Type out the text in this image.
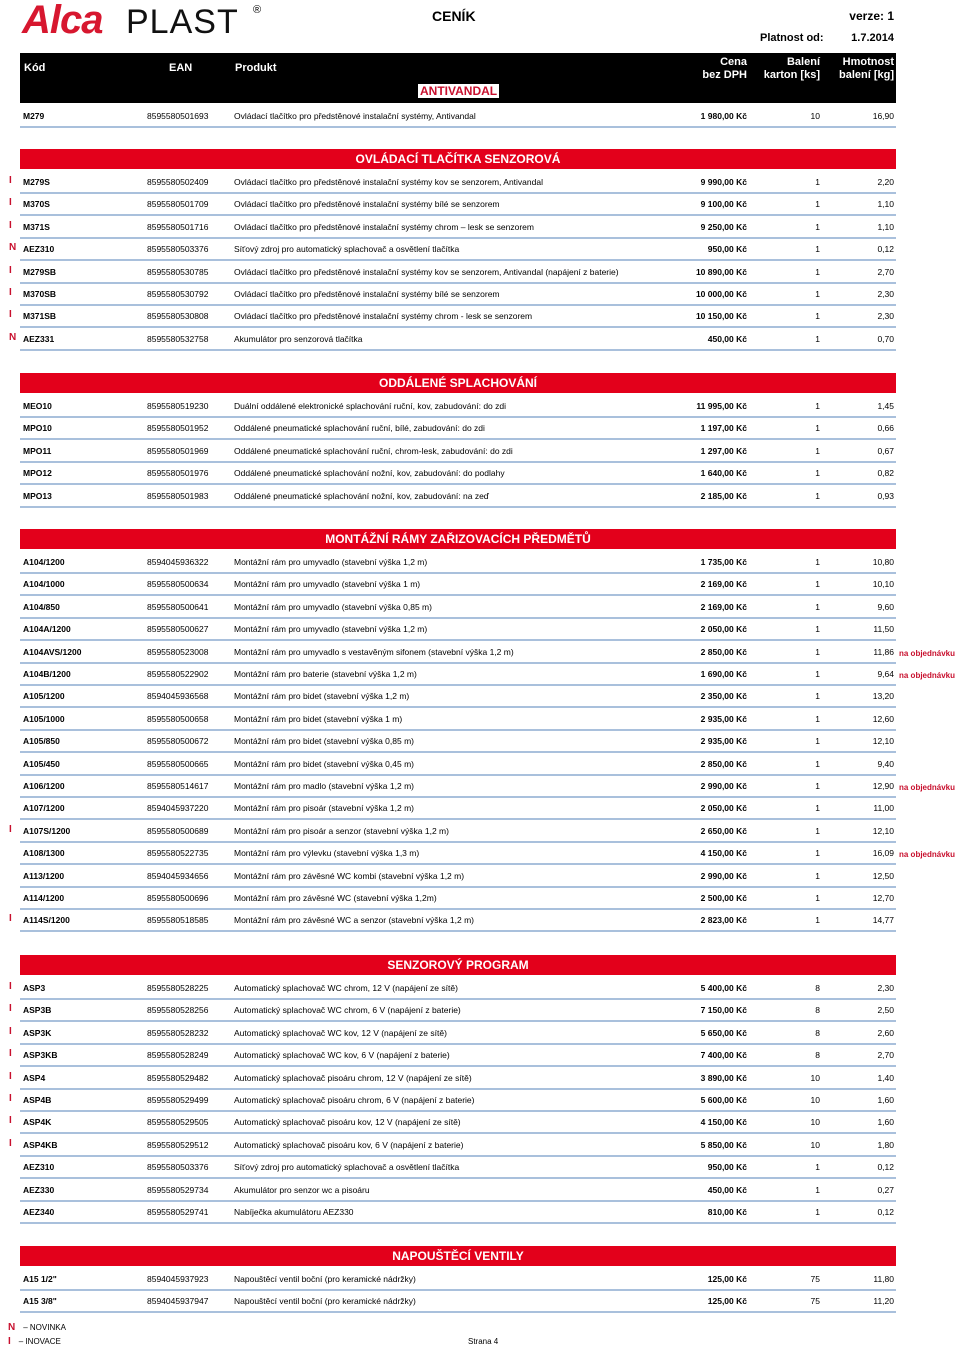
Alca PLAST ®	CENÍK	verze: 1
Platnost od:	1.7.2014
Kód	EAN	Produkt	Cena
bez DPH
Balení
karton [ks]
Hmotnost
balení [kg]
ANTIVANDAL
M279	8595580501693	Ovládací tlačítko pro předstěnové instalační systémy, Antivandal	1 980,00 Kč	10	16,90
OVLÁDACÍ TLAČÍTKA SENZOROVÁ
M279S	8595580502409	Ovládací tlačítko pro předstěnové instalační systémy kov se senzorem, Antivandal	9 990,00 Kč	1	2,20
I
M370S	8595580501709	Ovládací tlačítko pro předstěnové instalační systémy bílé se senzorem	9 100,00 Kč	1	1,10
I
M371S	8595580501716	Ovládací tlačítko pro předstěnové instalační systémy chrom – lesk se senzorem	9 250,00 Kč	1	1,10
I
AEZ310	8595580503376	Síťový zdroj pro automatický splachovač a osvětlení tlačítka	950,00 Kč	1	0,12
N
M279SB	8595580530785	Ovládací tlačítko pro předstěnové instalační systémy kov se senzorem, Antivandal (napájení z baterie)	10 890,00 Kč	1	2,70
I
M370SB	8595580530792	Ovládací tlačítko pro předstěnové instalační systémy bílé se senzorem	10 000,00 Kč	1	2,30
I
M371SB	8595580530808	Ovládací tlačítko pro předstěnové instalační systémy chrom - lesk se senzorem	10 150,00 Kč	1	2,30
I
AEZ331	8595580532758	Akumulátor pro senzorová tlačítka	450,00 Kč	1	0,70
N
ODDÁLENÉ SPLACHOVÁNÍ
MEO10	8595580519230	Duální oddálené elektronické splachování ruční, kov, zabudování: do zdi	11 995,00 Kč	1	1,45
MPO10	8595580501952	Oddálené pneumatické splachování ruční, bílé, zabudování: do zdi	1 197,00 Kč	1	0,66
MPO11	8595580501969	Oddálené pneumatické splachování ruční, chrom-lesk, zabudování: do zdi	1 297,00 Kč	1	0,67
MPO12	8595580501976	Oddálené pneumatické splachování nožní, kov, zabudování: do podlahy	1 640,00 Kč	1	0,82
MPO13	8595580501983	Oddálené pneumatické splachování nožní, kov, zabudování: na zeď	2 185,00 Kč	1	0,93
MONTÁŽNÍ RÁMY ZAŘIZOVACÍCH PŘEDMĚTŮ
A104/1200	8594045936322	Montážní rám pro umyvadlo (stavební výška 1,2 m)	1 735,00 Kč	1	10,80
A104/1000	8595580500634	Montážní rám pro umyvadlo (stavební výška 1 m)	2 169,00 Kč	1	10,10
A104/850	8595580500641	Montážní rám pro umyvadlo (stavební výška 0,85 m)	2 169,00 Kč	1	9,60
A104A/1200	8595580500627	Montážní rám pro umyvadlo (stavební výška 1,2 m)	2 050,00 Kč	1	11,50
A104AVS/1200	8595580523008	Montážní rám pro umyvadlo s vestavěným sifonem (stavební výška 1,2 m)	2 850,00 Kč	1	11,86 na objednávku
A104B/1200	8595580522902	Montážní rám pro baterie (stavební výška 1,2 m)	1 690,00 Kč	1	9,64 na objednávku
A105/1200	8594045936568	Montážní rám pro bidet (stavební výška 1,2 m)	2 350,00 Kč	1	13,20
A105/1000	8595580500658	Montážní rám pro bidet (stavební výška 1 m)	2 935,00 Kč	1	12,60
A105/850	8595580500672	Montážní rám pro bidet (stavební výška 0,85 m)	2 935,00 Kč	1	12,10
A105/450	8595580500665	Montážní rám pro bidet (stavební výška 0,45 m)	2 850,00 Kč	1	9,40
A106/1200	8595580514617	Montážní rám pro madlo (stavební výška 1,2 m)	2 990,00 Kč	1	12,90 na objednávku
A107/1200	8594045937220	Montážní rám pro pisoár (stavební výška 1,2 m)	2 050,00 Kč	1	11,00
A107S/1200	8595580500689	Montážní rám pro pisoár a senzor (stavební výška 1,2 m)	2 650,00 Kč	1	12,10
I
A108/1300	8595580522735	Montážní rám pro výlevku (stavební výška 1,3 m)	4 150,00 Kč	1	16,09 na objednávku
A113/1200	8594045934656	Montážní rám pro závěsné WC kombi (stavební výška 1,2 m)	2 990,00 Kč	1	12,50
A114/1200	8595580500696	Montážní rám pro závěsné WC (stavební výška 1,2m)	2 500,00 Kč	1	12,70
A114S/1200	8595580518585	Montážní rám pro závěsné WC a senzor (stavební výška 1,2 m)	2 823,00 Kč	1	14,77
I
SENZOROVÝ PROGRAM
ASP3	8595580528225	Automatický splachovač WC chrom, 12 V (napájení ze sítě)	5 400,00 Kč	8	2,30
I
ASP3B	8595580528256	Automatický splachovač WC chrom, 6 V (napájení z baterie)	7 150,00 Kč	8	2,50
I
ASP3K	8595580528232	Automatický splachovač WC kov, 12 V (napájení ze sítě)	5 650,00 Kč	8	2,60
I
ASP3KB	8595580528249	Automatický splachovač WC kov, 6 V (napájení z baterie)	7 400,00 Kč	8	2,70
I
ASP4	8595580529482	Automatický splachovač pisoáru chrom, 12 V (napájení ze sítě)	3 890,00 Kč	10	1,40
I
ASP4B	8595580529499	Automatický splachovač pisoáru chrom, 6 V (napájení z baterie)	5 600,00 Kč	10	1,60
I
ASP4K	8595580529505	Automatický splachovač pisoáru kov, 12 V (napájení ze sítě)	4 150,00 Kč	10	1,60
I
ASP4KB	8595580529512	Automatický splachovač pisoáru kov, 6 V (napájení z baterie)	5 850,00 Kč	10	1,80
I
AEZ310	8595580503376	Síťový zdroj pro automatický splachovač a osvětlení tlačítka	950,00 Kč	1	0,12
AEZ330	8595580529734	Akumulátor pro senzor wc a pisoáru	450,00 Kč	1	0,27
AEZ340	8595580529741	Nabíječka akumulátoru AEZ330	810,00 Kč	1	0,12
NAPOUŠTĚCÍ VENTILY
A15 1/2"	8594045937923	Napouštěcí ventil boční (pro keramické nádržky)	125,00 Kč	75	11,80
A15 3/8"	8594045937947	Napouštěcí ventil boční (pro keramické nádržky)	125,00 Kč	75	11,20
N – NOVINKA
I – INOVACE	Strana 4
